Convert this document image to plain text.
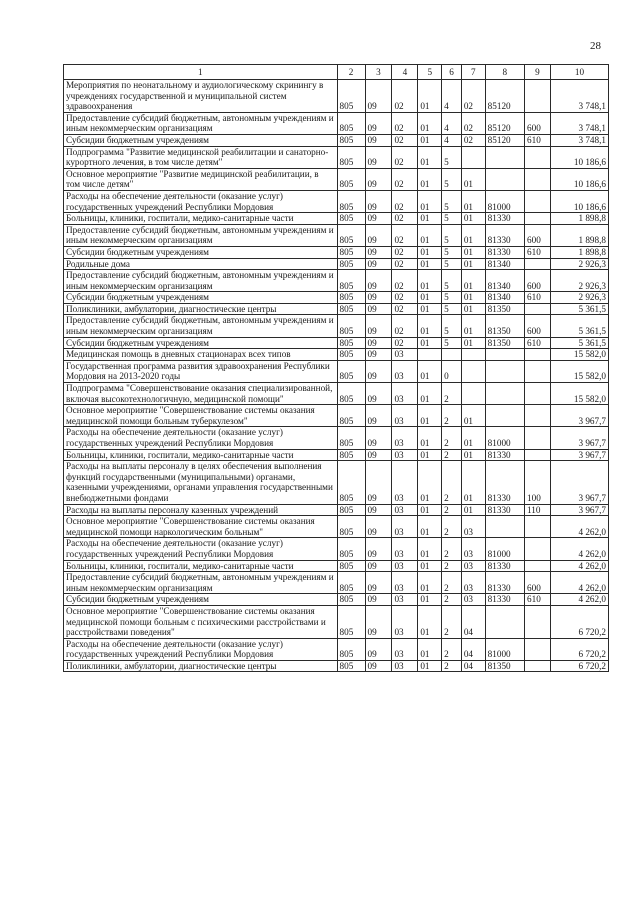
28
1	2	3	4	5	6	7	8	9	10
Мероприятия по неонатальному и аудиологическому скринингу в учреждениях государственной и муниципальной систем здравоохранения	805	09	02	01	4	02	85120		3 748,1
Предоставление субсидий бюджетным, автономным учреждениям и иным некоммерческим организациям	805	09	02	01	4	02	85120	600	3 748,1
Субсидии бюджетным учреждениям	805	09	02	01	4	02	85120	610	3 748,1
Подпрограмма "Развитие медицинской реабилитации и санаторно-курортного лечения, в том числе детям"	805	09	02	01	5				10 186,6
Основное мероприятие "Развитие медицинской реабилитации, в том числе детям"	805	09	02	01	5	01			10 186,6
Расходы на обеспечение деятельности (оказание услуг) государственных учреждений Республики Мордовия	805	09	02	01	5	01	81000		10 186,6
Больницы, клиники, госпитали, медико-санитарные части	805	09	02	01	5	01	81330		1 898,8
Предоставление субсидий бюджетным, автономным учреждениям и иным некоммерческим организациям	805	09	02	01	5	01	81330	600	1 898,8
Субсидии бюджетным учреждениям	805	09	02	01	5	01	81330	610	1 898,8
Родильные дома	805	09	02	01	5	01	81340		2 926,3
Предоставление субсидий бюджетным, автономным учреждениям и иным некоммерческим организациям	805	09	02	01	5	01	81340	600	2 926,3
Субсидии бюджетным учреждениям	805	09	02	01	5	01	81340	610	2 926,3
Поликлиники, амбулатории, диагностические центры	805	09	02	01	5	01	81350		5 361,5
Предоставление субсидий бюджетным, автономным учреждениям и иным некоммерческим организациям	805	09	02	01	5	01	81350	600	5 361,5
Субсидии бюджетным учреждениям	805	09	02	01	5	01	81350	610	5 361,5
Медицинская помощь в дневных стационарах всех типов	805	09	03						15 582,0
Государственная программа развития здравоохранения Республики Мордовия на 2013-2020 годы	805	09	03	01	0				15 582,0
Подпрограмма "Совершенствование оказания специализированной, включая высокотехнологичную, медицинской помощи"	805	09	03	01	2				15 582,0
Основное мероприятие "Совершенствование системы оказания медицинской помощи больным туберкулезом"	805	09	03	01	2	01			3 967,7
Расходы на обеспечение деятельности (оказание услуг) государственных учреждений Республики Мордовия	805	09	03	01	2	01	81000		3 967,7
Больницы, клиники, госпитали, медико-санитарные части	805	09	03	01	2	01	81330		3 967,7
Расходы на выплаты персоналу в целях обеспечения выполнения функций государственными (муниципальными) органами, казенными учреждениями, органами управления государственными внебюджетными фондами	805	09	03	01	2	01	81330	100	3 967,7
Расходы на выплаты персоналу казенных учреждений	805	09	03	01	2	01	81330	110	3 967,7
Основное мероприятие "Совершенствование системы оказания медицинской помощи наркологическим больным"	805	09	03	01	2	03			4 262,0
Расходы на обеспечение деятельности (оказание услуг) государственных учреждений Республики Мордовия	805	09	03	01	2	03	81000		4 262,0
Больницы, клиники, госпитали, медико-санитарные части	805	09	03	01	2	03	81330		4 262,0
Предоставление субсидий бюджетным, автономным учреждениям и иным некоммерческим организациям	805	09	03	01	2	03	81330	600	4 262,0
Субсидии бюджетным учреждениям	805	09	03	01	2	03	81330	610	4 262,0
Основное мероприятие "Совершенствование системы оказания медицинской помощи больным с психическими расстройствами и расстройствами поведения"	805	09	03	01	2	04			6 720,2
Расходы на обеспечение деятельности (оказание услуг) государственных учреждений Республики Мордовия	805	09	03	01	2	04	81000		6 720,2
Поликлиники, амбулатории, диагностические центры	805	09	03	01	2	04	81350		6 720,2
